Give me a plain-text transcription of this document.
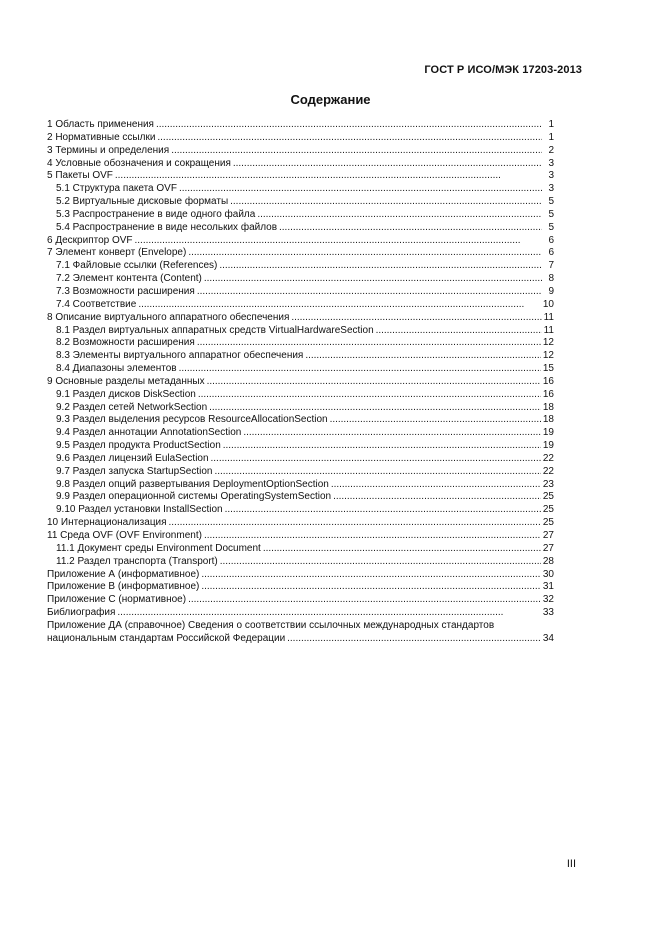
ГОСТ Р ИСО/МЭК 17203-2013
Содержание
1 Область применения . . .	1
2 Нормативные ссылки . . .	1
3 Термины и определения . . .	2
4 Условные обозначения и сокращения . . .	3
5 Пакеты OVF . . .	3
5.1 Структура пакета OVF . . .	3
5.2 Виртуальные дисковые форматы . . .	5
5.3 Распространение в виде одного файла . . .	5
5.4 Распространение в виде несольких файлов . . .	5
6 Дескриптор OVF . . .	6
7 Элемент конверт (Envelope) . . .	6
7.1 Файловые ссылки (References) . . .	7
7.2 Элемент контента (Content) . . .	8
7.3 Возможности расширения . . .	9
7.4 Соответствие . . .	10
8 Описание виртуального аппаратного обеспечения . . .	11
8.1 Раздел виртуальных аппаратных средств VirtualHardwareSection . . .	11
8.2 Возможности расширения . . .	12
8.3 Элементы виртуального аппаратног обеспечения . . .	12
8.4 Диапазоны элементов . . .	15
9 Основные разделы метаданных . . .	16
9.1 Раздел дисков DiskSection . . .	16
9.2 Раздел сетей NetworkSection . . .	18
9.3 Раздел выделения ресурсов ResourceAllocationSection . . .	18
9.4 Раздел аннотации AnnotationSection . . .	19
9.5 Раздел продукта ProductSection . . .	19
9.6 Раздел лицензий EulaSection . . .	22
9.7 Раздел запуска StartupSection . . .	22
9.8 Раздел опций развертывания DeploymentOptionSection . . .	23
9.9 Раздел операционной системы OperatingSystemSection . . .	25
9.10 Раздел установки InstallSection . . .	25
10 Интернационализация . . .	25
11 Среда OVF (OVF Environment) . . .	27
11.1 Документ среды Environment Document . . .	27
11.2 Раздел транспорта (Transport) . . .	28
Приложение А (информативное) . . .	30
Приложение В (информативное) . . .	31
Приложение С (нормативное) . . .	32
Библиография . . .	33
Приложение ДА (справочное) Сведения о соответствии ссылочных международных стандартов
национальным стандартам Российской Федерации . . .	34
III
